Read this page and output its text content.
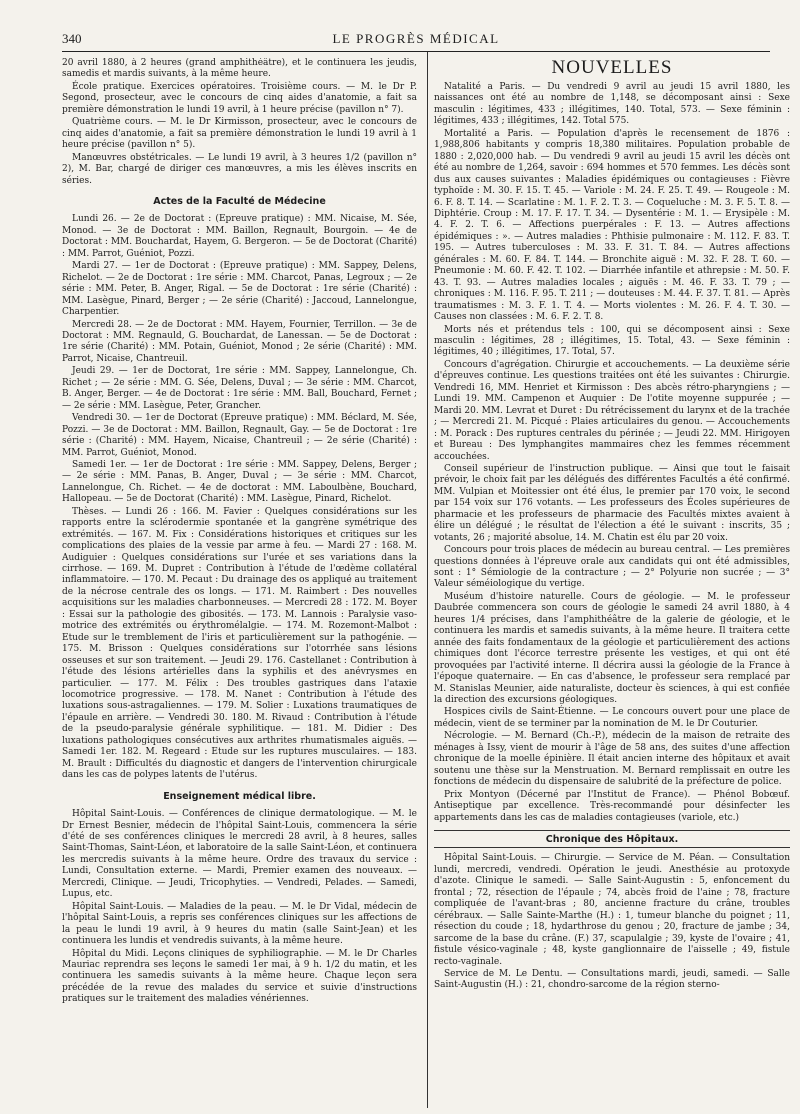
340	LE PROGRÈS MÉDICAL

20 avril 1880, à 2 heures (grand amphithéâtre), et le continuera les jeudis, samedis et mardis suivants, à la même heure.

École pratique. Exercices opératoires. Troisième cours. — M. le Dr P. Segond, prosecteur, avec le concours de cinq aides d'anatomie, a fait sa première démonstration le lundi 19 avril, à 1 heure précise (pavillon n° 7).

Quatrième cours. — M. le Dr Kirmisson, prosecteur, avec le concours de cinq aides d'anatomie, a fait sa première démonstration le lundi 19 avril à 1 heure précise (pavillon n° 5).

Manœuvres obstétricales. — Le lundi 19 avril, à 3 heures 1/2 (pavillon n° 2), M. Bar, chargé de diriger ces manœuvres, a mis les élèves inscrits en séries.

Actes de la Faculté de Médecine

Lundi 26. — 2e de Doctorat : (Epreuve pratique) : MM. Nicaise, M. Sée, Monod. — 3e de Doctorat : MM. Baillon, Regnault, Bourgoin. — 4e de Doctorat : MM. Bouchardat, Hayem, G. Bergeron. — 5e de Doctorat (Charité) : MM. Parrot, Guéniot, Pozzi.

Mardi 27. — 1er de Doctorat : (Epreuve pratique) : MM. Sappey, Delens, Richelot. — 2e de Doctorat : 1re série : MM. Charcot, Panas, Legroux ; — 2e série : MM. Peter, B. Anger, Rigal. — 5e de Doctorat : 1re série (Charité) : MM. Lasègue, Pinard, Berger ; — 2e série (Charité) : Jaccoud, Lannelongue, Charpentier.

Mercredi 28. — 2e de Doctorat : MM. Hayem, Fournier, Terrillon. — 3e de Doctorat : MM. Regnauld, G. Bouchardat, de Lanessan. — 5e de Doctorat : 1re série (Charité) : MM. Potain, Guéniot, Monod ; 2e série (Charité) : MM. Parrot, Nicaise, Chantreuil.

Jeudi 29. — 1er de Doctorat, 1re série : MM. Sappey, Lannelongue, Ch. Richet ; — 2e série : MM. G. Sée, Delens, Duval ; — 3e série : MM. Charcot, B. Anger, Berger. — 4e de Doctorat : 1re série : MM. Ball, Bouchard, Fernet ; — 2e série : MM. Lasègue, Peter, Grancher.

Vendredi 30. — 1er de Doctorat (Epreuve pratique) : MM. Béclard, M. Sée, Pozzi. — 3e de Doctorat : MM. Baillon, Regnault, Gay. — 5e de Doctorat : 1re série : (Charité) : MM. Hayem, Nicaise, Chantreuil ; — 2e série (Charité) : MM. Parrot, Guéniot, Monod.

Samedi 1er. — 1er de Doctorat : 1re série : MM. Sappey, Delens, Berger ; — 2e série : MM. Panas, B. Anger, Duval ; — 3e série : MM. Charcot, Lannelongue, Ch. Richet. — 4e de doctorat : MM. Laboulbène, Bouchard, Hallopeau. — 5e de Doctorat (Charité) : MM. Lasègue, Pinard, Richelot.

Thèses. — Lundi 26 : 166. M. Favier : Quelques considérations sur les rapports entre la sclérodermie spontanée et la gangrène symétrique des extrémités. — 167. M. Fix : Considérations historiques et critiques sur les complications des plaies de la vessie par arme à feu. — Mardi 27 : 168. M. Audiguier : Quelques considérations sur l'urée et ses variations dans la cirrhose. — 169. M. Dupret : Contribution à l'étude de l'œdème collatéral inflammatoire. — 170. M. Pecaut : Du drainage des os appliqué au traitement de la nécrose centrale des os longs. — 171. M. Raimbert : Des nouvelles acquisitions sur les maladies charbonneuses. — Mercredi 28 : 172. M. Boyer : Essai sur la pathologie des gibosités. — 173. M. Lannois : Paralysie vaso-motrice des extrémités ou érythromélalgie. — 174. M. Rozemont-Malbot : Etude sur le tremblement de l'iris et particulièrement sur la pathogénie. — 175. M. Brisson : Quelques considérations sur l'otorrhée sans lésions osseuses et sur son traitement. — Jeudi 29. 176. Castellanet : Contribution à l'étude des lésions artérielles dans la syphilis et des anévrysmes en particulier. — 177. M. Félix : Des troubles gastriques dans l'ataxie locomotrice progressive. — 178. M. Nanet : Contribution à l'étude des luxations sous-astragaliennes. — 179. M. Solier : Luxations traumatiques de l'épaule en arrière. — Vendredi 30. 180. M. Rivaud : Contribution à l'étude de la pseudo-paralysie générale syphilitique. — 181. M. Didier : Des luxations pathologiques consécutives aux arthrites rhumatismales aiguës. — Samedi 1er. 182. M. Regeard : Etude sur les ruptures musculaires. — 183. M. Brault : Difficultés du diagnostic et dangers de l'intervention chirurgicale dans les cas de polypes latents de l'utérus.

Enseignement médical libre.

Hôpital Saint-Louis. — Conférences de clinique dermatologique. — M. le Dr Ernest Besnier, médecin de l'hôpital Saint-Louis, commencera la série d'été de ses conférences cliniques le mercredi 28 avril, à 8 heures, salles Saint-Thomas, Saint-Léon, et laboratoire de la salle Saint-Léon, et continuera les mercredis suivants à la même heure. Ordre des travaux du service : Lundi, Consultation externe. — Mardi, Premier examen des nouveaux. — Mercredi, Clinique. — Jeudi, Tricophyties. — Vendredi, Pelades. — Samedi, Lupus, etc.

Hôpital Saint-Louis. — Maladies de la peau. — M. le Dr Vidal, médecin de l'hôpital Saint-Louis, a repris ses conférences cliniques sur les affections de la peau le lundi 19 avril, à 9 heures du matin (salle Saint-Jean) et les continuera les lundis et vendredis suivants, à la même heure.

Hôpital du Midi. Leçons cliniques de syphiliographie. — M. le Dr Charles Mauriac reprendra ses leçons le samedi 1er mai, à 9 h. 1/2 du matin, et les continuera les samedis suivants à la même heure. Chaque leçon sera précédée de la revue des malades du service et suivie d'instructions pratiques sur le traitement des maladies vénériennes.

NOUVELLES

Natalité a Paris. — Du vendredi 9 avril au jeudi 15 avril 1880, les naissances ont été au nombre de 1,148, se décomposant ainsi : Sexe masculin : légitimes, 433 ; illégitimes, 140. Total, 573. — Sexe féminin : légitimes, 433 ; illégitimes, 142. Total 575.

Mortalité a Paris. — Population d'après le recensement de 1876 : 1,988,806 habitants y compris 18,380 militaires. Population probable de 1880 : 2,020,000 hab. — Du vendredi 9 avril au jeudi 15 avril les décès ont été au nombre de 1,264, savoir : 694 hommes et 570 femmes. Les décès sont dus aux causes suivantes : Maladies épidémiques ou contagieuses : Fièvre typhoïde : M. 30. F. 15. T. 45. — Variole : M. 24. F. 25. T. 49. — Rougeole : M. 6. F. 8. T. 14. — Scarlatine : M. 1. F. 2. T. 3. — Coqueluche : M. 3. F. 5. T. 8. — Diphtérie. Croup : M. 17. F. 17. T. 34. — Dysentérie : M. 1. — Erysipèle : M. 4. F. 2. T. 6. — Affections puerpérales : F. 13. — Autres affections épidémiques : ». — Autres maladies : Phthisie pulmonaire : M. 112. F. 83. T. 195. — Autres tuberculoses : M. 33. F. 31. T. 84. — Autres affections générales : M. 60. F. 84. T. 144. — Bronchite aiguë : M. 32. F. 28. T. 60. — Pneumonie : M. 60. F. 42. T. 102. — Diarrhée infantile et athrepsie : M. 50. F. 43. T. 93. — Autres maladies locales ; aiguës : M. 46. F. 33. T. 79 ; — chroniques : M. 116. F. 95. T. 211 ; — douteuses : M. 44. F. 37. T. 81. — Après traumatismes : M. 3. F. 1. T. 4. — Morts violentes : M. 26. F. 4. T. 30. — Causes non classées : M. 6. F. 2. T. 8.

Morts nés et prétendus tels : 100, qui se décomposent ainsi : Sexe masculin : légitimes, 28 ; illégitimes, 15. Total, 43. — Sexe féminin : légitimes, 40 ; illégitimes, 17. Total, 57.

Concours d'agrégation. Chirurgie et accouchements. — La deuxième série d'épreuves continue. Les questions traitées ont été les suivantes : Chirurgie. Vendredi 16, MM. Henriet et Kirmisson : Des abcès rétro-pharyngiens ; — Lundi 19. MM. Campenon et Auquier : De l'otite moyenne suppurée ; — Mardi 20. MM. Levrat et Duret : Du rétrécissement du larynx et de la trachée ; — Mercredi 21. M. Picqué : Plaies articulaires du genou. — Accouchements : M. Porack : Des ruptures centrales du périnée ; — Jeudi 22. MM. Hirigoyen et Bureau : Des lymphangites mammaires chez les femmes récemment accouchées.

Conseil supérieur de l'instruction publique. — Ainsi que tout le faisait prévoir, le choix fait par les délégués des différentes Facultés a été confirmé. MM. Vulpian et Moitessier ont été élus, le premier par 170 voix, le second par 154 voix sur 176 votants. — Les professeurs des Écoles supérieures de pharmacie et les professeurs de pharmacie des Facultés mixtes avaient à élire un délégué ; le résultat de l'élection a été le suivant : inscrits, 35 ; votants, 26 ; majorité absolue, 14. M. Chatin est élu par 20 voix.

Concours pour trois places de médecin au bureau central. — Les premières questions données à l'épreuve orale aux candidats qui ont été admissibles, sont : 1° Sémiologie de la contracture ; — 2° Polyurie non sucrée ; — 3° Valeur séméiologique du vertige.

Muséum d'histoire naturelle. Cours de géologie. — M. le professeur Daubrée commencera son cours de géologie le samedi 24 avril 1880, à 4 heures 1/4 précises, dans l'amphithéâtre de la galerie de géologie, et le continuera les mardis et samedis suivants, à la même heure. Il traitera cette année des faits fondamentaux de la géologie et particulièrement des actions chimiques dont l'écorce terrestre présente les vestiges, et qui ont été provoquées par l'activité interne. Il décrira aussi la géologie de la France à l'époque quaternaire. — En cas d'absence, le professeur sera remplacé par M. Stanislas Meunier, aide naturaliste, docteur ès sciences, à qui est confiée la direction des excursions géologiques.

Hospices civils de Saint-Étienne. — Le concours ouvert pour une place de médecin, vient de se terminer par la nomination de M. le Dr Couturier.

Nécrologie. — M. Bernard (Ch.-P.), médecin de la maison de retraite des ménages à Issy, vient de mourir à l'âge de 58 ans, des suites d'une affection chronique de la moelle épinière. Il était ancien interne des hôpitaux et avait soutenu une thèse sur la Menstruation. M. Bernard remplissait en outre les fonctions de médecin du dispensaire de salubrité de la préfecture de police.

Prix Montyon (Décerné par l'Institut de France). — Phénol Bobœuf. Antiseptique par excellence. Très-recommandé pour désinfecter les appartements dans les cas de maladies contagieuses (variole, etc.)

Chronique des Hôpitaux.

Hôpital Saint-Louis. — Chirurgie. — Service de M. Péan. — Consultation lundi, mercredi, vendredi. Opération le jeudi. Anesthésie au protoxyde d'azote. Clinique le samedi. — Salle Saint-Augustin : 5, enfoncement du frontal ; 72, résection de l'épaule ; 74, abcès froid de l'aine ; 78, fracture compliquée de l'avant-bras ; 80, ancienne fracture du crâne, troubles cérébraux. — Salle Sainte-Marthe (H.) : 1, tumeur blanche du poignet ; 11, résection du coude ; 18, hydarthrose du genou ; 20, fracture de jambe ; 34, sarcome de la base du crâne. (F.) 37, scapulalgie ; 39, kyste de l'ovaire ; 41, fistule vésico-vaginale ; 48, kyste ganglionnaire de l'aisselle ; 49, fistule recto-vaginale.

Service de M. Le Dentu. — Consultations mardi, jeudi, samedi. — Salle Saint-Augustin (H.) : 21, chondro-sarcome de la région sterno-
